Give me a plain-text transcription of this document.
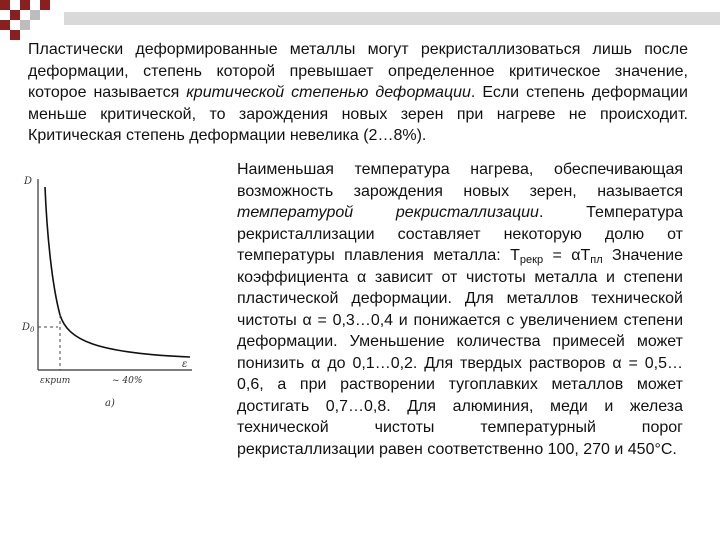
Пластически деформированные металлы могут рекристаллизоваться лишь после деформации, степень которой превышает определенное критическое значение, которое называется критической степенью деформации. Если степень деформации меньше критической, то зарождения новых зерен при нагреве не происходит. Критическая степень деформации невелика (2…8%).

D
$D_0$
εкрит	~ 40%
ε
а)

Наименьшая температура нагрева, обеспечивающая возможность зарождения новых зерен, называется температурой рекристаллизации. Температура рекристаллизации составляет некоторую долю от температуры плавления металла: $Т_{рекр} = \alpha Т_{пл}$ Значение коэффициента α зависит от чистоты металла и степени пластической деформации. Для металлов технической чистоты α = 0,3…0,4 и понижается с увеличением степени деформации. Уменьшение количества примесей может понизить α до 0,1…0,2. Для твердых растворов α = 0,5…0,6, а при растворении тугоплавких металлов может достигать 0,7…0,8. Для алюминия, меди и железа технической чистоты температурный порог рекристаллизации равен соответственно 100, 270 и 450°С.
